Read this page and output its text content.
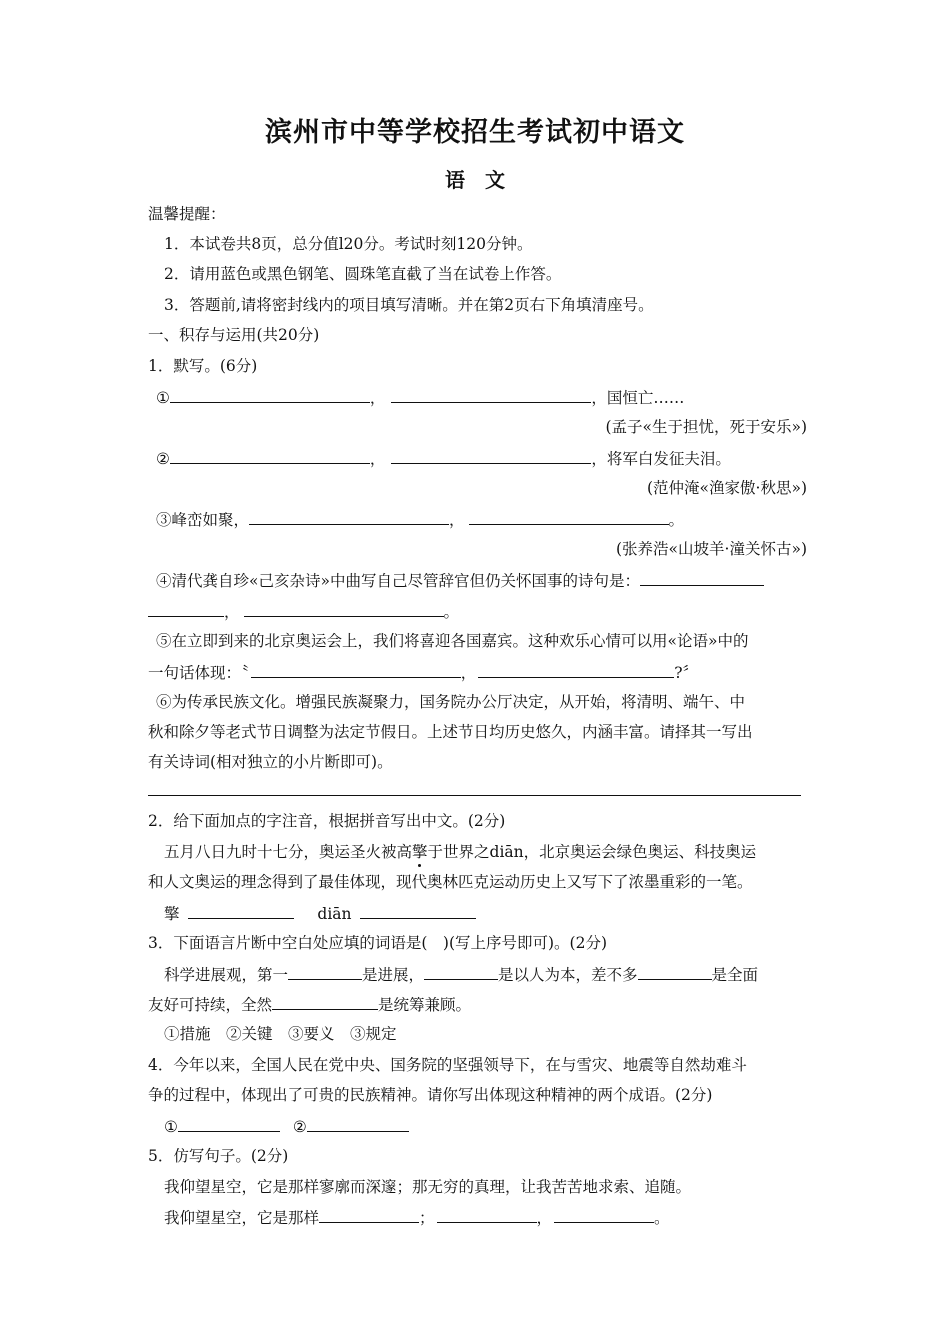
滨州市中等学校招生考试初中语文
语　文
温馨提醒：
1．本试卷共8页，总分值l20分。考试时刻120分钟。
2．请用蓝色或黑色钢笔、圆珠笔直截了当在试卷上作答。
3．答题前,请将密封线内的项目填写清晰。并在第2页右下角填清座号。
一、积存与运用(共20分)
1．默写。(6分)
①	，	，国恒亡……
(孟子«生于担忧，死于安乐»)
②	，	，将军白发征夫泪。
(范仲淹«渔家傲·秋思»)
③峰峦如聚，	，	。
(张养浩«山坡羊·潼关怀古»)
④清代龚自珍«己亥杂诗»中曲写自己尽管辞官但仍关怀国事的诗句是：
，	。
⑤在立即到来的北京奥运会上，我们将喜迎各国嘉宾。这种欢乐心情可以用«论语»中的
一句话体现：〝	，	?〞
⑥为传承民族文化。增强民族凝聚力，国务院办公厅决定，从开始，将清明、端午、中
秋和除夕等老式节日调整为法定节假日。上述节日均历史悠久，内涵丰富。请择其一写出
有关诗词(相对独立的小片断即可)。
2．给下面加点的字注音，根据拼音写出中文。(2分)
五月八日九时十七分，奥运圣火被高擎于世界之diān，北京奥运会绿色奥运、科技奥运
和人文奥运的理念得到了最佳体现，现代奥林匹克运动历史上又写下了浓墨重彩的一笔。
擎	diān
3．下面语言片断中空白处应填的词语是(　)(写上序号即可)。(2分)
科学进展观，第一	是进展，	是以人为本，差不多	是全面
友好可持续，全然	是统筹兼顾。
①措施　②关键　③要义　③规定
4．今年以来，全国人民在党中央、国务院的坚强领导下，在与雪灾、地震等自然劫难斗
争的过程中，体现出了可贵的民族精神。请你写出体现这种精神的两个成语。(2分)
①	②
5．仿写句子。(2分)
我仰望星空，它是那样寥廓而深邃；那无穷的真理，让我苦苦地求索、追随。
我仰望星空，它是那样	；	，	。
